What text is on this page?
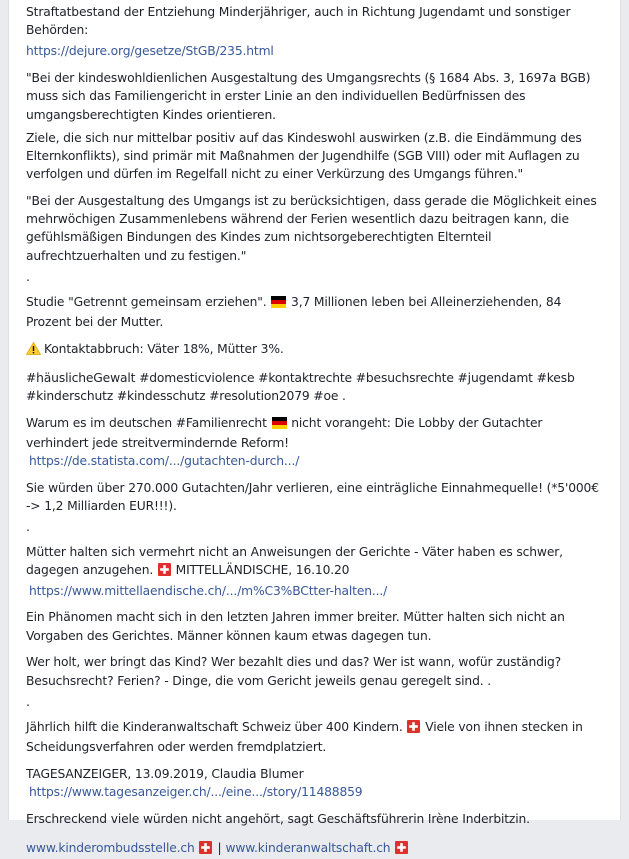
Straftatbestand der Entziehung Minderjähriger, auch in Richtung Jugendamt und sonstiger Behörden:
https://dejure.org/gesetze/StGB/235.html
"Bei der kindeswohldienlichen Ausgestaltung des Umgangsrechts (§ 1684 Abs. 3, 1697a BGB) muss sich das Familiengericht in erster Linie an den individuellen Bedürfnissen des umgangsberechtigten Kindes orientieren.
Ziele, die sich nur mittelbar positiv auf das Kindeswohl auswirken (z.B. die Eindämmung des Elternkonflikts), sind primär mit Maßnahmen der Jugendhilfe (SGB VIII) oder mit Auflagen zu verfolgen und dürfen im Regelfall nicht zu einer Verkürzung des Umgangs führen."
"Bei der Ausgestaltung des Umgangs ist zu berücksichtigen, dass gerade die Möglichkeit eines mehrwöchigen Zusammenlebens während der Ferien wesentlich dazu beitragen kann, die gefühlsmäßigen Bindungen des Kindes zum nichtsorgeberechtigten Elternteil aufrechtzuerhalten und zu festigen."
.
Studie "Getrennt gemeinsam erziehen".  3,7 Millionen leben bei Alleinerziehenden, 84 Prozent bei der Mutter.
Kontaktabbruch: Väter 18%, Mütter 3%.
#häuslicheGewalt #domesticviolence #kontaktrechte #besuchsrechte #jugendamt #kesb #kinderschutz #kindesschutz #resolution2079 #oe .
Warum es im deutschen #Familienrecht  nicht vorangeht: Die Lobby der Gutachter verhindert jede streitvermindernde Reform!
https://de.statista.com/.../gutachten-durch.../
Sie würden über 270.000 Gutachten/Jahr verlieren, eine einträgliche Einnahmequelle! (*5'000€ -> 1,2 Milliarden EUR!!!).
.
Mütter halten sich vermehrt nicht an Anweisungen der Gerichte - Väter haben es schwer, dagegen anzugehen.  MITTELLÄNDISCHE, 16.10.20
https://www.mittellaendische.ch/.../m%C3%BCtter-halten.../
Ein Phänomen macht sich in den letzten Jahren immer breiter. Mütter halten sich nicht an Vorgaben des Gerichtes. Männer können kaum etwas dagegen tun.
Wer holt, wer bringt das Kind? Wer bezahlt dies und das? Wer ist wann, wofür zuständig? Besuchsrecht? Ferien? - Dinge, die vom Gericht jeweils genau geregelt sind. .
.
Jährlich hilft die Kinderanwaltschaft Schweiz über 400 Kindern.  Viele von ihnen stecken in Scheidungsverfahren oder werden fremdplatziert.
TAGESANZEIGER, 13.09.2019, Claudia Blumer
https://www.tagesanzeiger.ch/.../eine.../story/11488859
Erschreckend viele würden nicht angehört, sagt Geschäftsführerin Irène Inderbitzin.
www.kinderombudsstelle.ch | www.kinderanwaltschaft.ch
